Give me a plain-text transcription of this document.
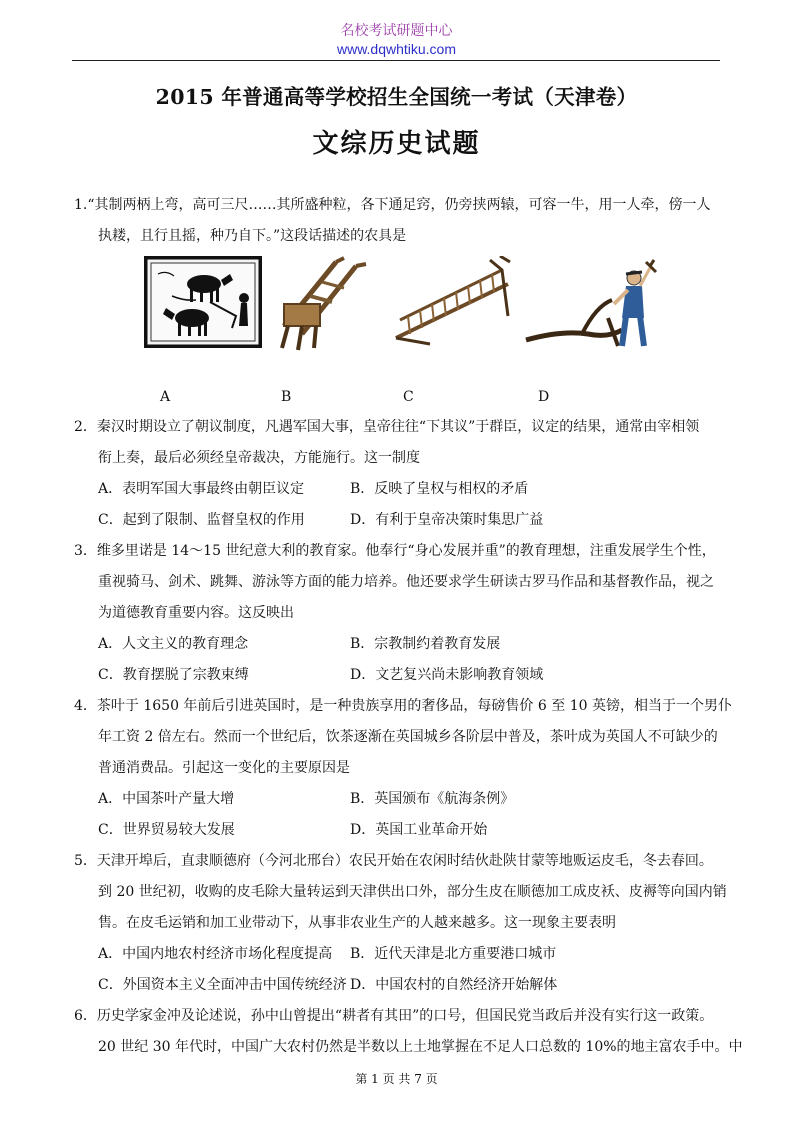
名校考试研题中心
www.dqwhtiku.com
2015 年普通高等学校招生全国统一考试（天津卷）
文综历史试题
1.“其制两柄上弯，高可三尺……其所盛种粒，各下通足窍，仍旁挟两辕，可容一牛，用一人牵，傍一人
执耧，且行且摇，种乃自下。”这段话描述的农具是
A	B	C	D
2．秦汉时期设立了朝议制度，凡遇军国大事，皇帝往往“下其议”于群臣，议定的结果，通常由宰相领
衔上奏，最后必须经皇帝裁决，方能施行。这一制度
A．表明军国大事最终由朝臣议定	B．反映了皇权与相权的矛盾
C．起到了限制、监督皇权的作用	D．有利于皇帝决策时集思广益
3．维多里诺是 14～15 世纪意大利的教育家。他奉行“身心发展并重”的教育理想，注重发展学生个性，
重视骑马、剑术、跳舞、游泳等方面的能力培养。他还要求学生研读古罗马作品和基督教作品，视之
为道德教育重要内容。这反映出
A．人文主义的教育理念	B．宗教制约着教育发展
C．教育摆脱了宗教束缚	D．文艺复兴尚未影响教育领域
4．茶叶于 1650 年前后引进英国时，是一种贵族享用的奢侈品，每磅售价 6 至 10 英镑，相当于一个男仆
年工资 2 倍左右。然而一个世纪后，饮茶逐渐在英国城乡各阶层中普及，茶叶成为英国人不可缺少的
普通消费品。引起这一变化的主要原因是
A．中国茶叶产量大增	B．英国颁布《航海条例》
C．世界贸易较大发展	D．英国工业革命开始
5．天津开埠后，直隶顺德府（今河北邢台）农民开始在农闲时结伙赴陕甘蒙等地贩运皮毛，冬去春回。
到 20 世纪初，收购的皮毛除大量转运到天津供出口外，部分生皮在顺德加工成皮袄、皮褥等向国内销
售。在皮毛运销和加工业带动下，从事非农业生产的人越来越多。这一现象主要表明
A．中国内地农村经济市场化程度提高	B．近代天津是北方重要港口城市
C．外国资本主义全面冲击中国传统经济 D．中国农村的自然经济开始解体
6．历史学家金冲及论述说，孙中山曾提出“耕者有其田”的口号，但国民党当政后并没有实行这一政策。
20 世纪 30 年代时，中国广大农村仍然是半数以上土地掌握在不足人口总数的 10%的地主富农手中。中
第 1 页 共 7 页
